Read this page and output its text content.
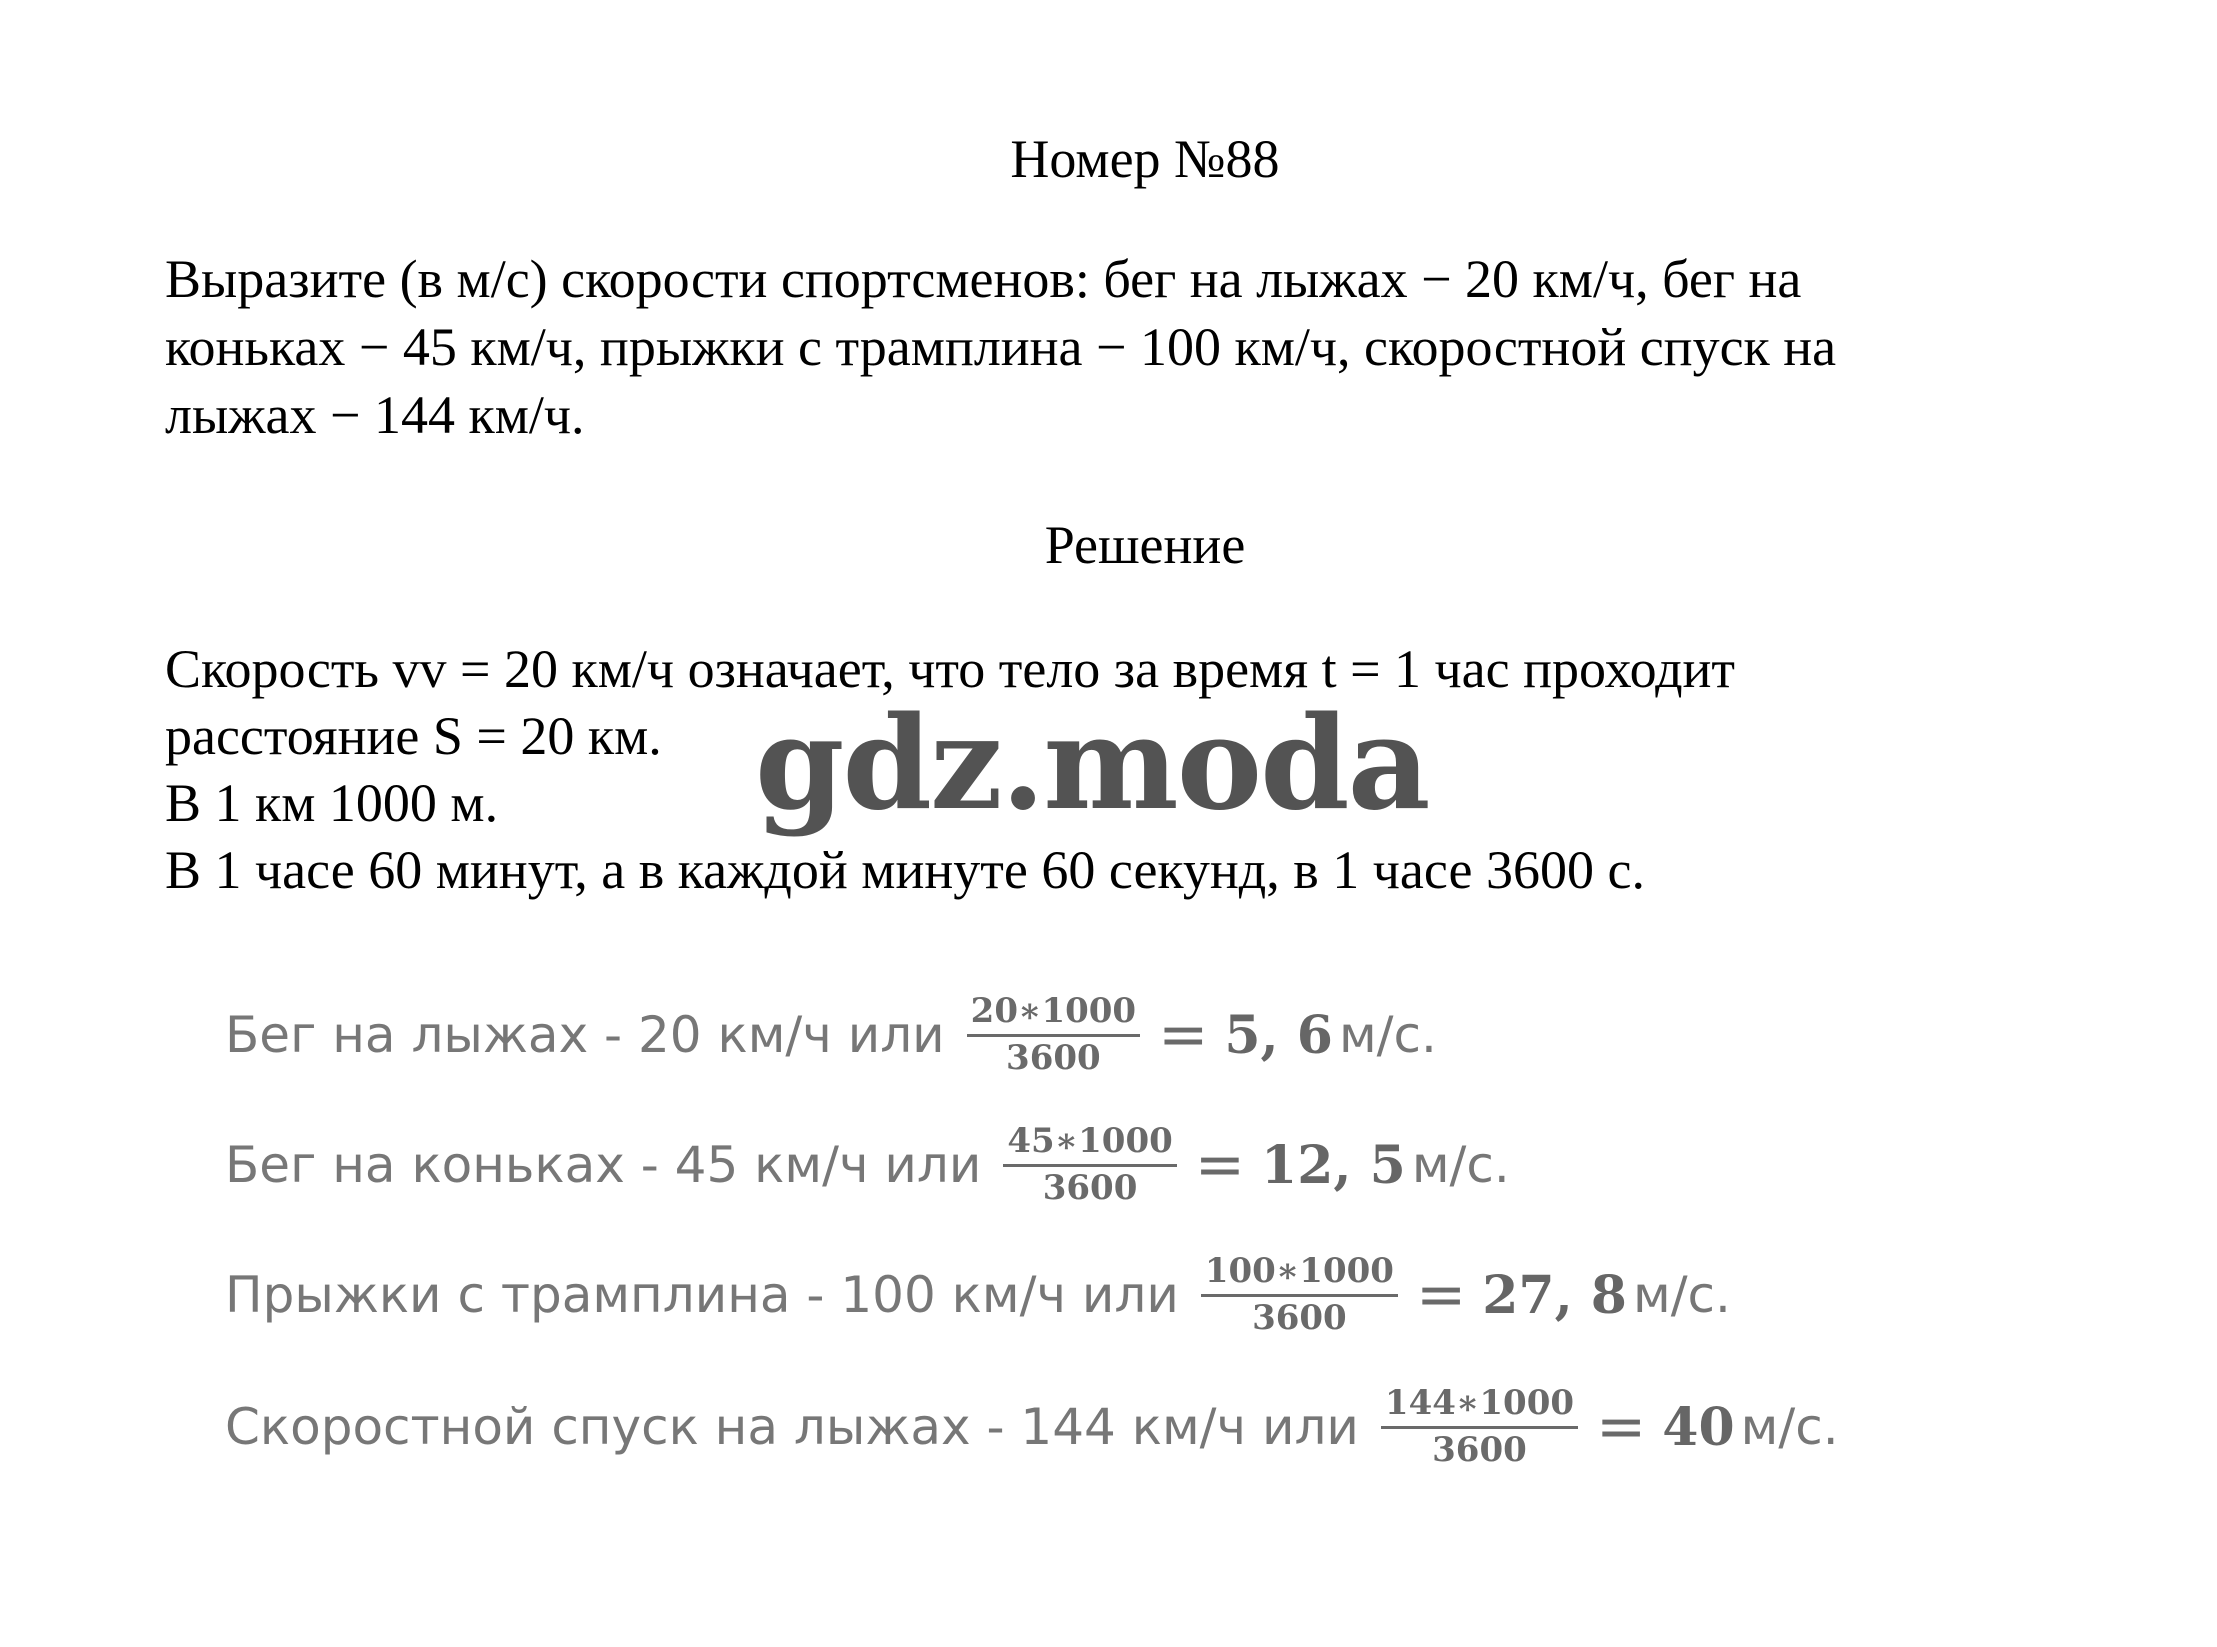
Номер №88

Выразите (в м/с) скорости спортсменов: бег на лыжах − 20 км/ч, бег на
коньках − 45 км/ч, прыжки с трамплина − 100 км/ч, скоростной спуск на
лыжах − 144 км/ч.

Решение

Скорость vv = 20 км/ч означает, что тело за время t = 1 час проходит
расстояние S = 20 км.
В 1 км 1000 м.
В 1 часе 60 минут, а в каждой минуте 60 секунд, в 1 часе 3600 с.

gdz.moda
Бег на лыжах - 20 км/ч или $\frac{20∗1000}{3600} = 5$, 6 м/с.
Бег на коньках - 45 км/ч или $\frac{45∗1000}{3600} = 12$, 5 м/с.
Прыжки с трамплина - 100 км/ч или $\frac{100∗1000}{3600} = 27$, 8 м/с.
Скоростной спуск на лыжах - 144 км/ч или $\frac{144∗1000}{3600} = 40$ м/с.
